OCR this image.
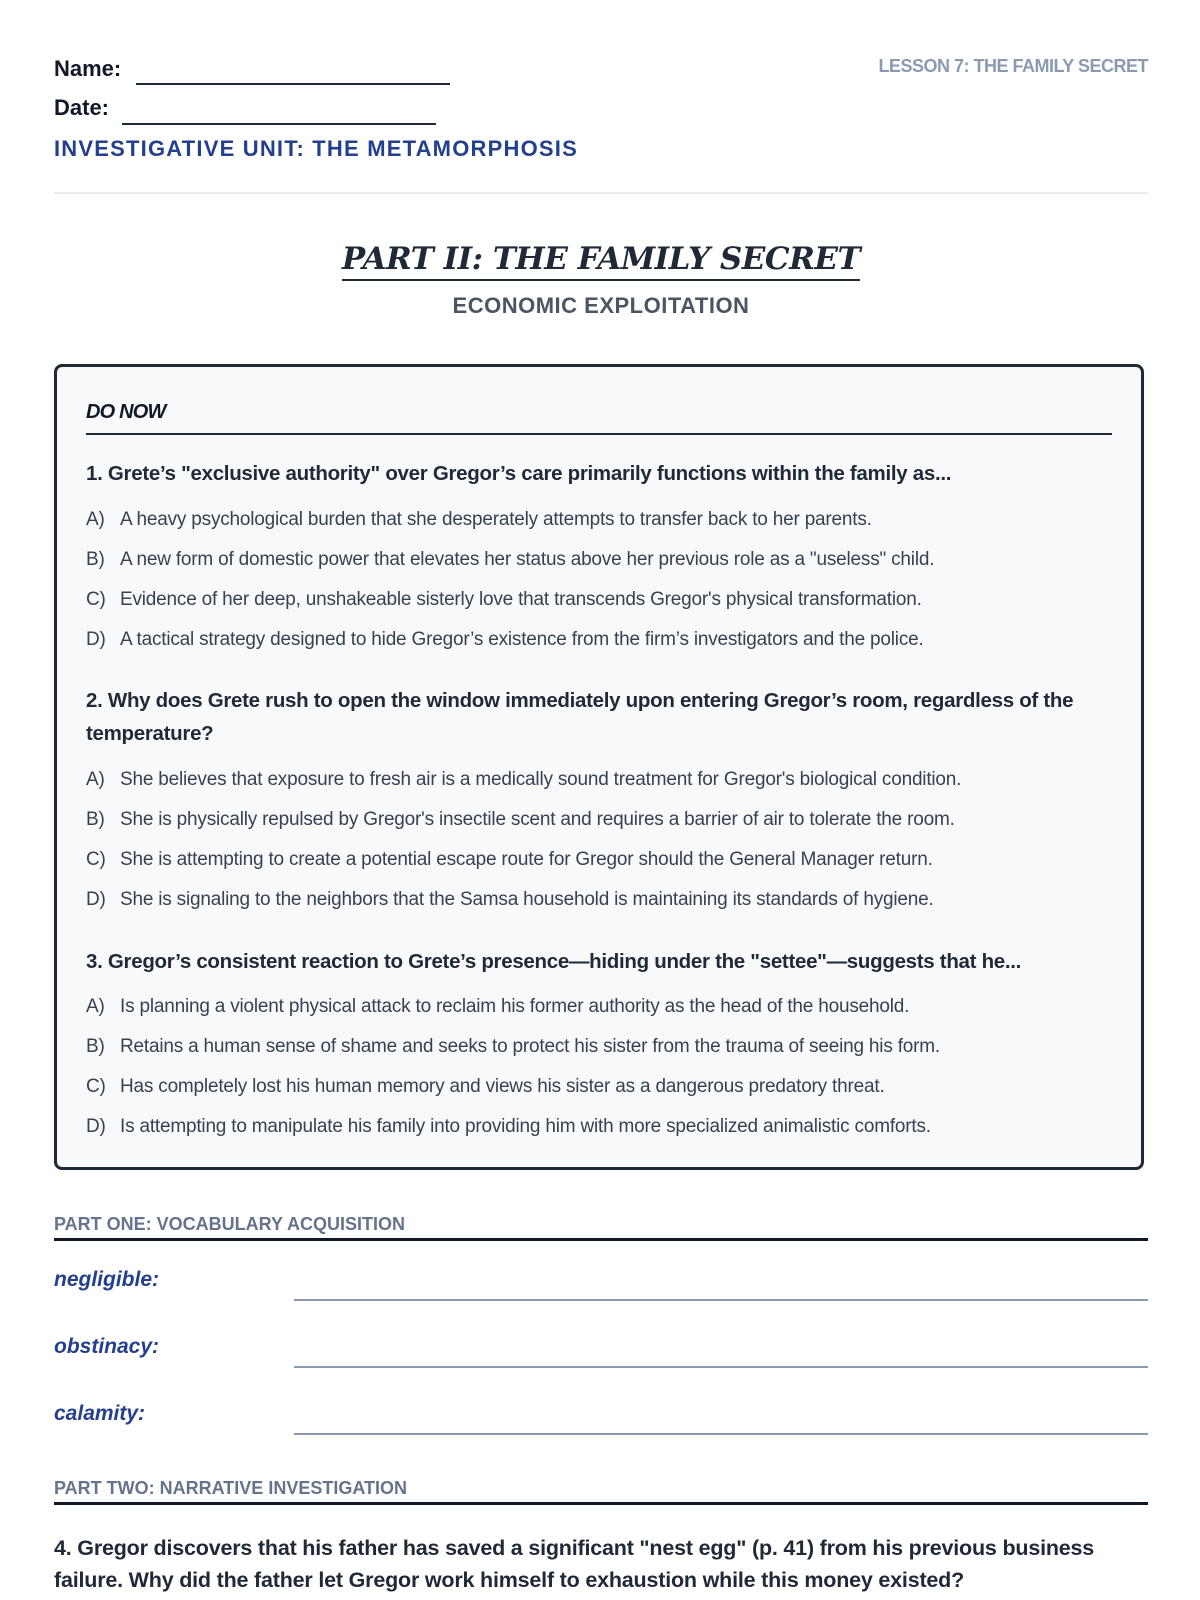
Name:
Date:
LESSON 7: THE FAMILY SECRET
INVESTIGATIVE UNIT: THE METAMORPHOSIS
PART II: THE FAMILY SECRET
ECONOMIC EXPLOITATION
DO NOW
1. Grete’s "exclusive authority" over Gregor’s care primarily functions within the family as...
A) A heavy psychological burden that she desperately attempts to transfer back to her parents.
B) A new form of domestic power that elevates her status above her previous role as a "useless" child.
C) Evidence of her deep, unshakeable sisterly love that transcends Gregor's physical transformation.
D) A tactical strategy designed to hide Gregor’s existence from the firm’s investigators and the police.
2. Why does Grete rush to open the window immediately upon entering Gregor’s room, regardless of the temperature?
A) She believes that exposure to fresh air is a medically sound treatment for Gregor's biological condition.
B) She is physically repulsed by Gregor's insectile scent and requires a barrier of air to tolerate the room.
C) She is attempting to create a potential escape route for Gregor should the General Manager return.
D) She is signaling to the neighbors that the Samsa household is maintaining its standards of hygiene.
3. Gregor’s consistent reaction to Grete’s presence—hiding under the "settee"—suggests that he...
A) Is planning a violent physical attack to reclaim his former authority as the head of the household.
B) Retains a human sense of shame and seeks to protect his sister from the trauma of seeing his form.
C) Has completely lost his human memory and views his sister as a dangerous predatory threat.
D) Is attempting to manipulate his family into providing him with more specialized animalistic comforts.
PART ONE: VOCABULARY ACQUISITION
negligible:
obstinacy:
calamity:
PART TWO: NARRATIVE INVESTIGATION
4. Gregor discovers that his father has saved a significant "nest egg" (p. 41) from his previous business failure. Why did the father let Gregor work himself to exhaustion while this money existed?
